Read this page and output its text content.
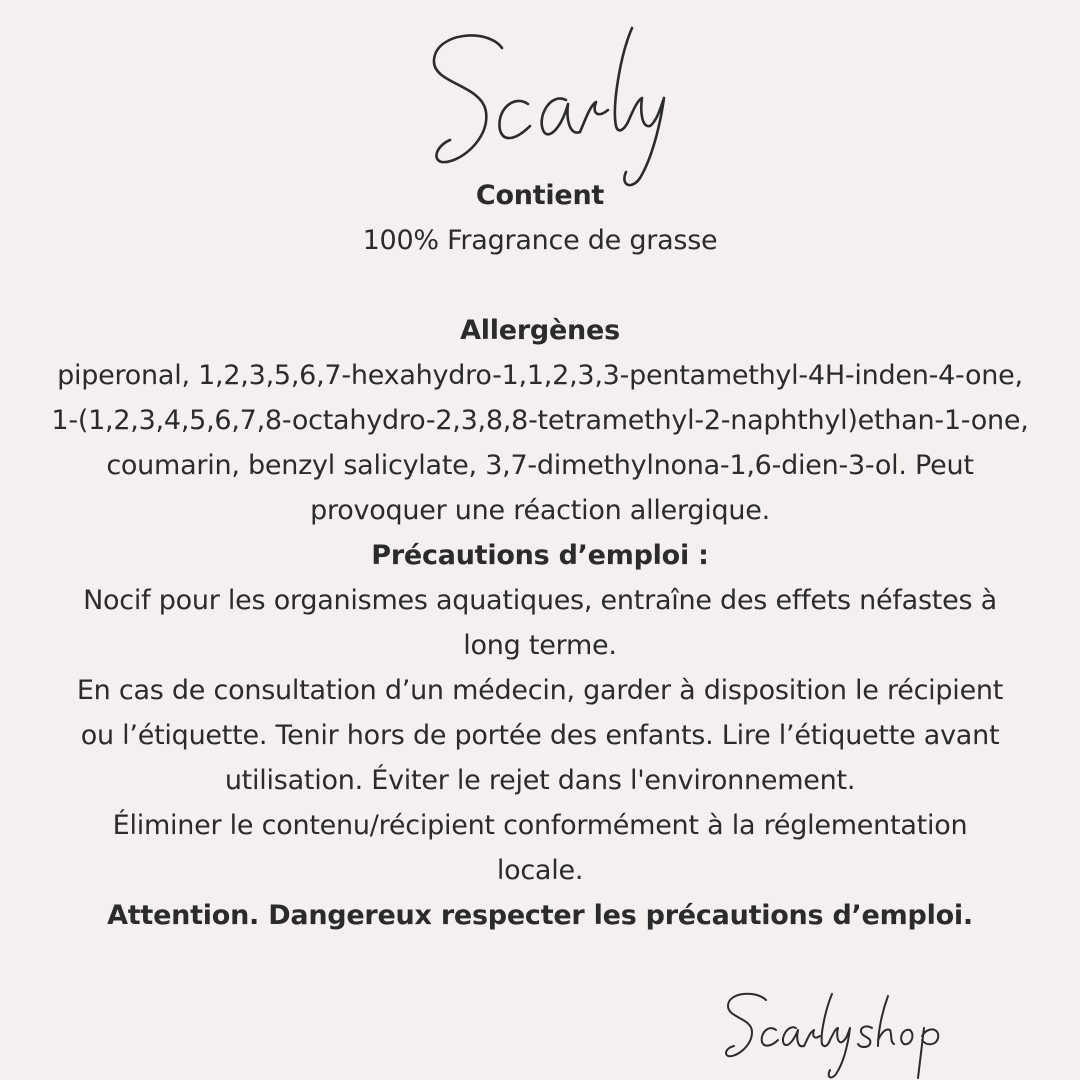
Contient

100% Fragrance de grasse

Allergènes

piperonal, 1,2,3,5,6,7-hexahydro-1,1,2,3,3-pentamethyl-4H-inden-4-one,

1-(1,2,3,4,5,6,7,8-octahydro-2,3,8,8-tetramethyl-2-naphthyl)ethan-1-one,

coumarin, benzyl salicylate, 3,7-dimethylnona-1,6-dien-3-ol. Peut

provoquer une réaction allergique.

Précautions d’emploi :

Nocif pour les organismes aquatiques, entraîne des effets néfastes à

long terme.

En cas de consultation d’un médecin, garder à disposition le récipient

ou l’étiquette. Tenir hors de portée des enfants. Lire l’étiquette avant

utilisation. Éviter le rejet dans l'environnement.

Éliminer le contenu/récipient conformément à la réglementation

locale.

Attention. Dangereux respecter les précautions d’emploi.
